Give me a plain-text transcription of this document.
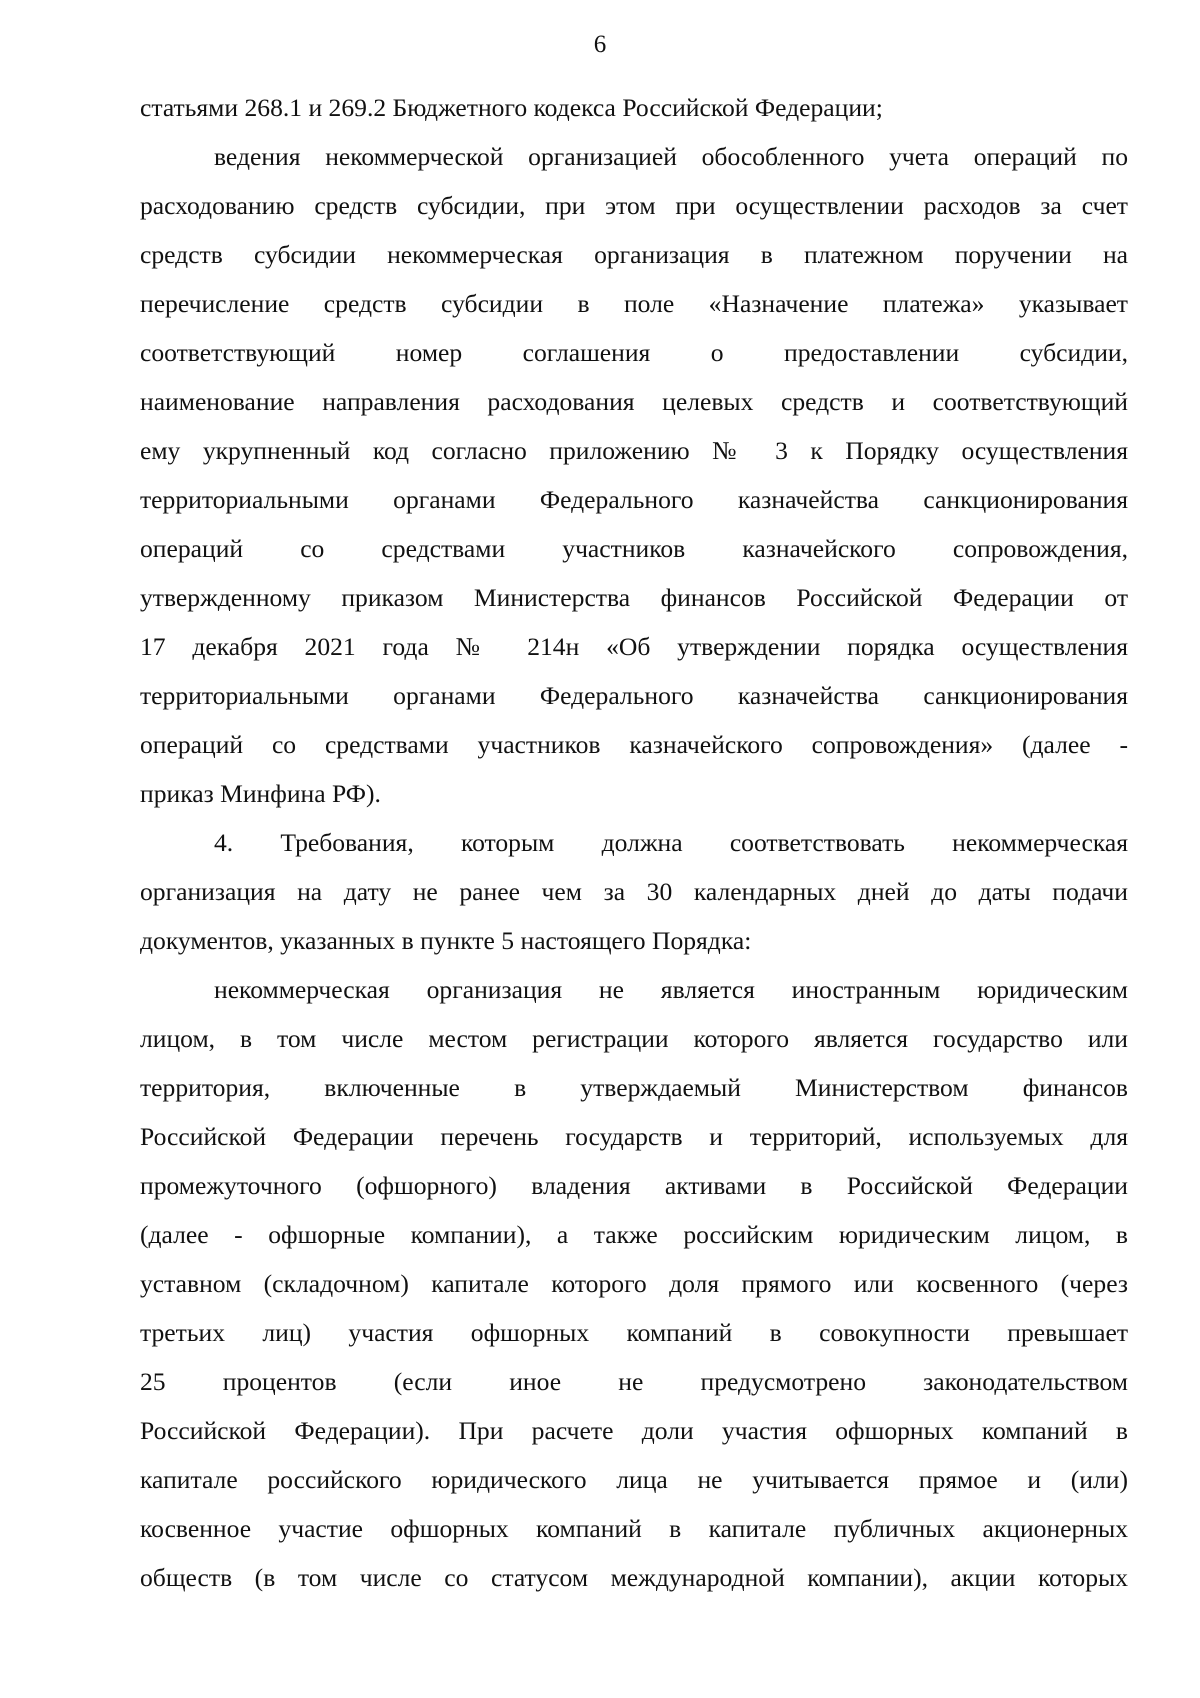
6
статьями 268.1 и 269.2 Бюджетного кодекса Российской Федерации;
ведения некоммерческой организацией обособленного учета операций по
расходованию средств субсидии, при этом при осуществлении расходов за счет
средств субсидии некоммерческая организация в платежном поручении на
перечисление средств субсидии в поле «Назначение платежа» указывает
соответствующий номер соглашения о предоставлении субсидии,
наименование направления расходования целевых средств и соответствующий
ему укрупненный код согласно приложению № 3 к Порядку осуществления
территориальными органами Федерального казначейства санкционирования
операций со средствами участников казначейского сопровождения,
утвержденному приказом Министерства финансов Российской Федерации от
17 декабря 2021 года № 214н «Об утверждении порядка осуществления
территориальными органами Федерального казначейства санкционирования
операций со средствами участников казначейского сопровождения» (далее -
приказ Минфина РФ).
4. Требования, которым должна соответствовать некоммерческая
организация на дату не ранее чем за 30 календарных дней до даты подачи
документов, указанных в пункте 5 настоящего Порядка:
некоммерческая организация не является иностранным юридическим
лицом, в том числе местом регистрации которого является государство или
территория, включенные в утверждаемый Министерством финансов
Российской Федерации перечень государств и территорий, используемых для
промежуточного (офшорного) владения активами в Российской Федерации
(далее - офшорные компании), а также российским юридическим лицом, в
уставном (складочном) капитале которого доля прямого или косвенного (через
третьих лиц) участия офшорных компаний в совокупности превышает
25 процентов (если иное не предусмотрено законодательством
Российской Федерации). При расчете доли участия офшорных компаний в
капитале российского юридического лица не учитывается прямое и (или)
косвенное участие офшорных компаний в капитале публичных акционерных
обществ (в том числе со статусом международной компании), акции которых
